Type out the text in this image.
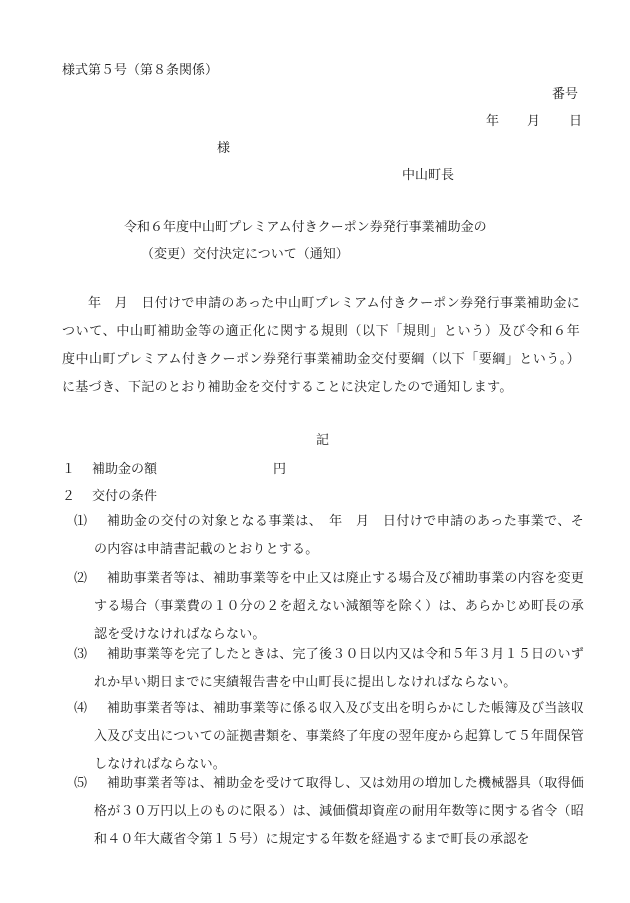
様式第５号（第８条関係）
番号
年 月 日
様
中山町長
令和６年度中山町プレミアム付きクーポン券発行事業補助金の
（変更）交付決定について（通知）
年　月　日付けで申請のあった中山町プレミアム付きクーポン券発行事業補助金について、中山町補助金等の適正化に関する規則（以下「規則」という）及び令和６年度中山町プレミアム付きクーポン券発行事業補助金交付要綱（以下「要綱」という。）に基づき、下記のとおり補助金を交付することに決定したので通知します。
記
１ 補助金の額	円
２ 交付の条件
⑴	補助金の交付の対象となる事業は、　年　月　日付けで申請のあった事業で、その内容は申請書記載のとおりとする。
⑵	補助事業者等は、補助事業等を中止又は廃止する場合及び補助事業の内容を変更する場合（事業費の１０分の２を超えない減額等を除く）は、あらかじめ町長の承認を受けなければならない。
⑶	補助事業等を完了したときは、完了後３０日以内又は令和５年３月１５日のいずれか早い期日までに実績報告書を中山町長に提出しなければならない。
⑷	補助事業者等は、補助事業等に係る収入及び支出を明らかにした帳簿及び当該収入及び支出についての証拠書類を、事業終了年度の翌年度から起算して５年間保管しなければならない。
⑸	補助事業者等は、補助金を受けて取得し、又は効用の増加した機械器具（取得価格が３０万円以上のものに限る）は、減価償却資産の耐用年数等に関する省令（昭和４０年大蔵省令第１５号）に規定する年数を経過するまで町長の承認を
